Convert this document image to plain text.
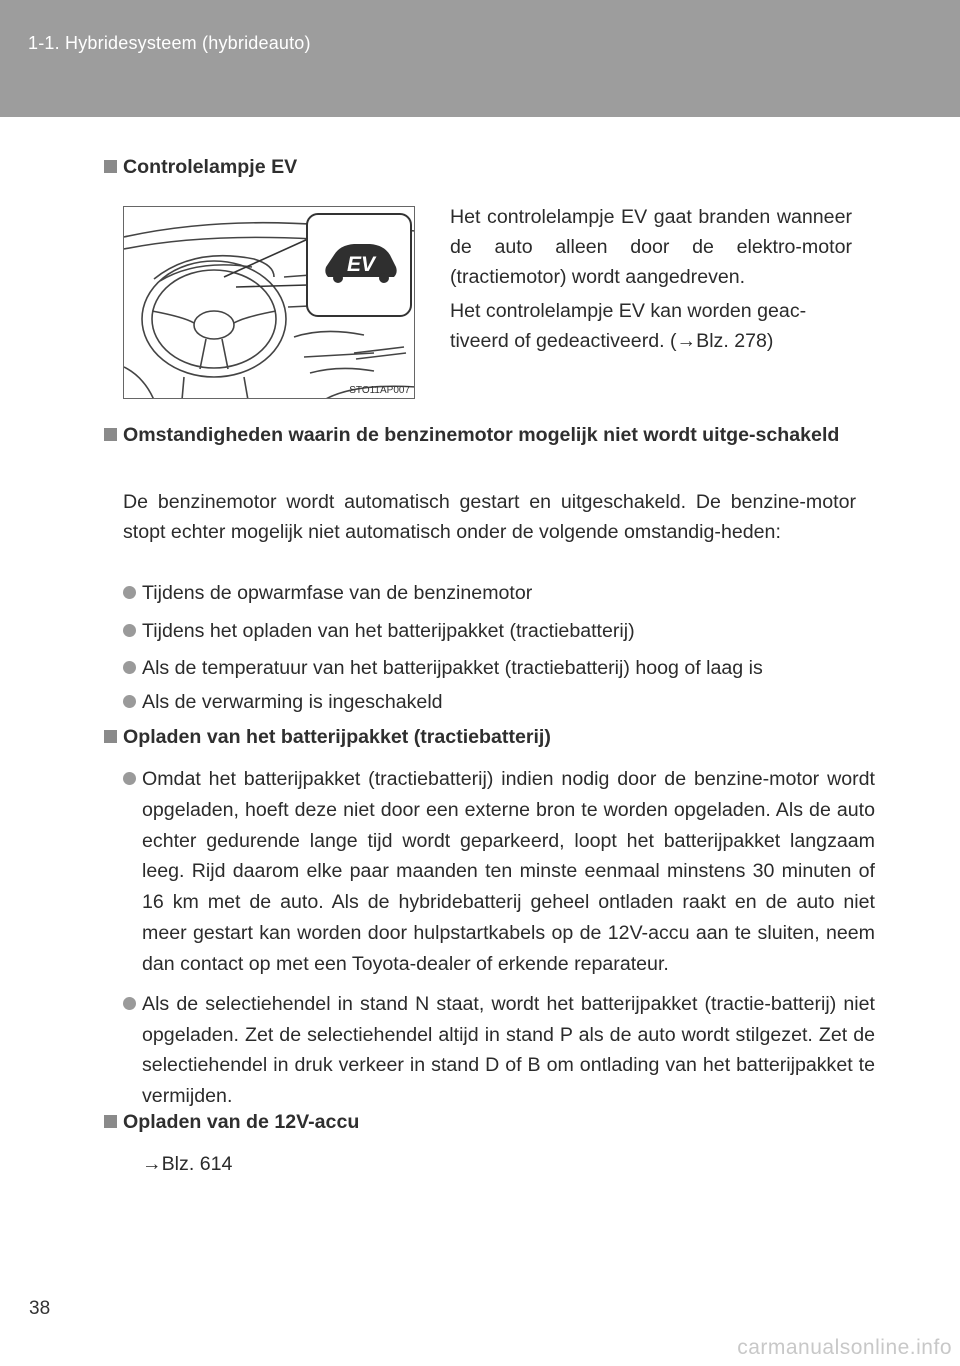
1-1. Hybridesysteem (hybrideauto)
Controlelampje EV
STO11AP007
EV
Het controlelampje EV gaat branden wanneer de auto alleen door de elektro-motor (tractiemotor) wordt aangedreven.
Het controlelampje EV kan worden geac-tiveerd of gedeactiveerd. (→Blz. 278)
Omstandigheden waarin de benzinemotor mogelijk niet wordt uitge-schakeld
De benzinemotor wordt automatisch gestart en uitgeschakeld. De benzine-motor stopt echter mogelijk niet automatisch onder de volgende omstandig-heden:
Tijdens de opwarmfase van de benzinemotor
Tijdens het opladen van het batterijpakket (tractiebatterij)
Als de temperatuur van het batterijpakket (tractiebatterij) hoog of laag is
Als de verwarming is ingeschakeld
Opladen van het batterijpakket (tractiebatterij)
Omdat het batterijpakket (tractiebatterij) indien nodig door de benzine-motor wordt opgeladen, hoeft deze niet door een externe bron te worden opgeladen. Als de auto echter gedurende lange tijd wordt geparkeerd, loopt het batterijpakket langzaam leeg. Rijd daarom elke paar maanden ten minste eenmaal minstens 30 minuten of 16 km met de auto. Als de hybridebatterij geheel ontladen raakt en de auto niet meer gestart kan worden door hulpstartkabels op de 12V-accu aan te sluiten, neem dan contact op met een Toyota-dealer of erkende reparateur.
Als de selectiehendel in stand N staat, wordt het batterijpakket (tractie-batterij) niet opgeladen. Zet de selectiehendel altijd in stand P als de auto wordt stilgezet. Zet de selectiehendel in druk verkeer in stand D of B om ontlading van het batterijpakket te vermijden.
Opladen van de 12V-accu
→Blz. 614
38
carmanualsonline.info
